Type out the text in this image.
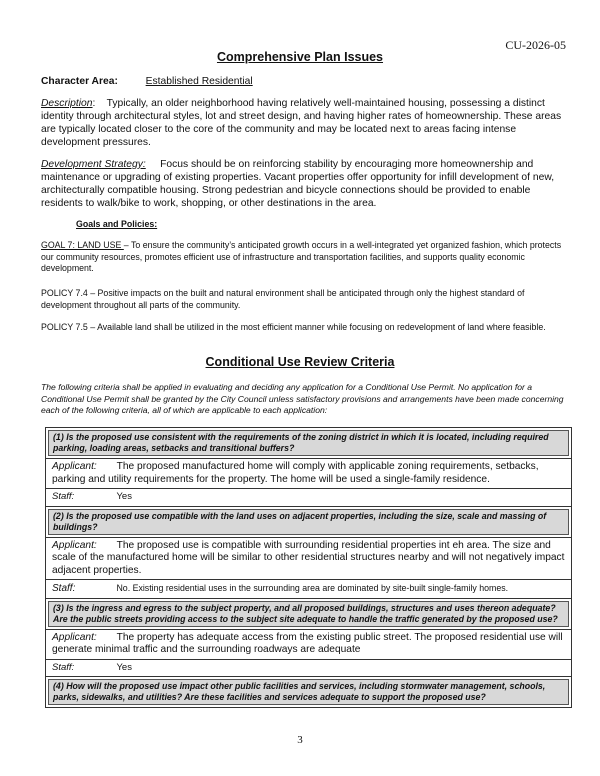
CU-2026-05
Comprehensive Plan Issues
Character Area:	Established Residential
Description:    Typically, an older neighborhood having relatively well-maintained housing, possessing a distinct identity through architectural styles, lot and street design, and having higher rates of homeownership. These areas are typically located closer to the core of the community and may be located next to areas facing intense development pressures.
Development Strategy: Focus should be on reinforcing stability by encouraging more homeownership and maintenance or upgrading of existing properties. Vacant properties offer opportunity for infill development of new, architecturally compatible housing. Strong pedestrian and bicycle connections should be provided to enable residents to walk/bike to work, shopping, or other destinations in the area.
Goals and Policies:
GOAL 7: LAND USE – To ensure the community’s anticipated growth occurs in a well-integrated yet organized fashion, which protects our community resources, promotes efficient use of infrastructure and transportation facilities, and supports quality economic development.
POLICY 7.4 – Positive impacts on the built and natural environment shall be anticipated through only the highest standard of development throughout all parts of the community.
POLICY 7.5 – Available land shall be utilized in the most efficient manner while focusing on redevelopment of land where feasible.
Conditional Use Review Criteria
The following criteria shall be applied in evaluating and deciding any application for a Conditional Use Permit. No application for a Conditional Use Permit shall be granted by the City Council unless satisfactory provisions and arrangements have been made concerning each of the following criteria, all of which are applicable to each application:
(1) Is the proposed use consistent with the requirements of the zoning district in which it is located, including required parking, loading areas, setbacks and transitional buffers?
Applicant: The proposed manufactured home will comply with applicable zoning requirements, setbacks, parking and utility requirements for the property. The home will be used a single-family residence.
Staff:	Yes
(2) Is the proposed use compatible with the land uses on adjacent properties, including the size, scale and massing of buildings?
Applicant: The proposed use is compatible with surrounding residential properties int eh area. The size and scale of the manufactured home will be similar to other residential structures nearby and will not negatively impact adjacent properties.
Staff:	No. Existing residential uses in the surrounding area are dominated by site-built single-family homes.
(3) Is the ingress and egress to the subject property, and all proposed buildings, structures and uses thereon adequate? Are the public streets providing access to the subject site adequate to handle the traffic generated by the proposed use?
Applicant: The property has adequate access from the existing public street. The proposed residential use will generate minimal traffic and the surrounding roadways are adequate
Staff:	Yes
(4) How will the proposed use impact other public facilities and services, including stormwater management, schools, parks, sidewalks, and utilities? Are these facilities and services adequate to support the proposed use?
3
